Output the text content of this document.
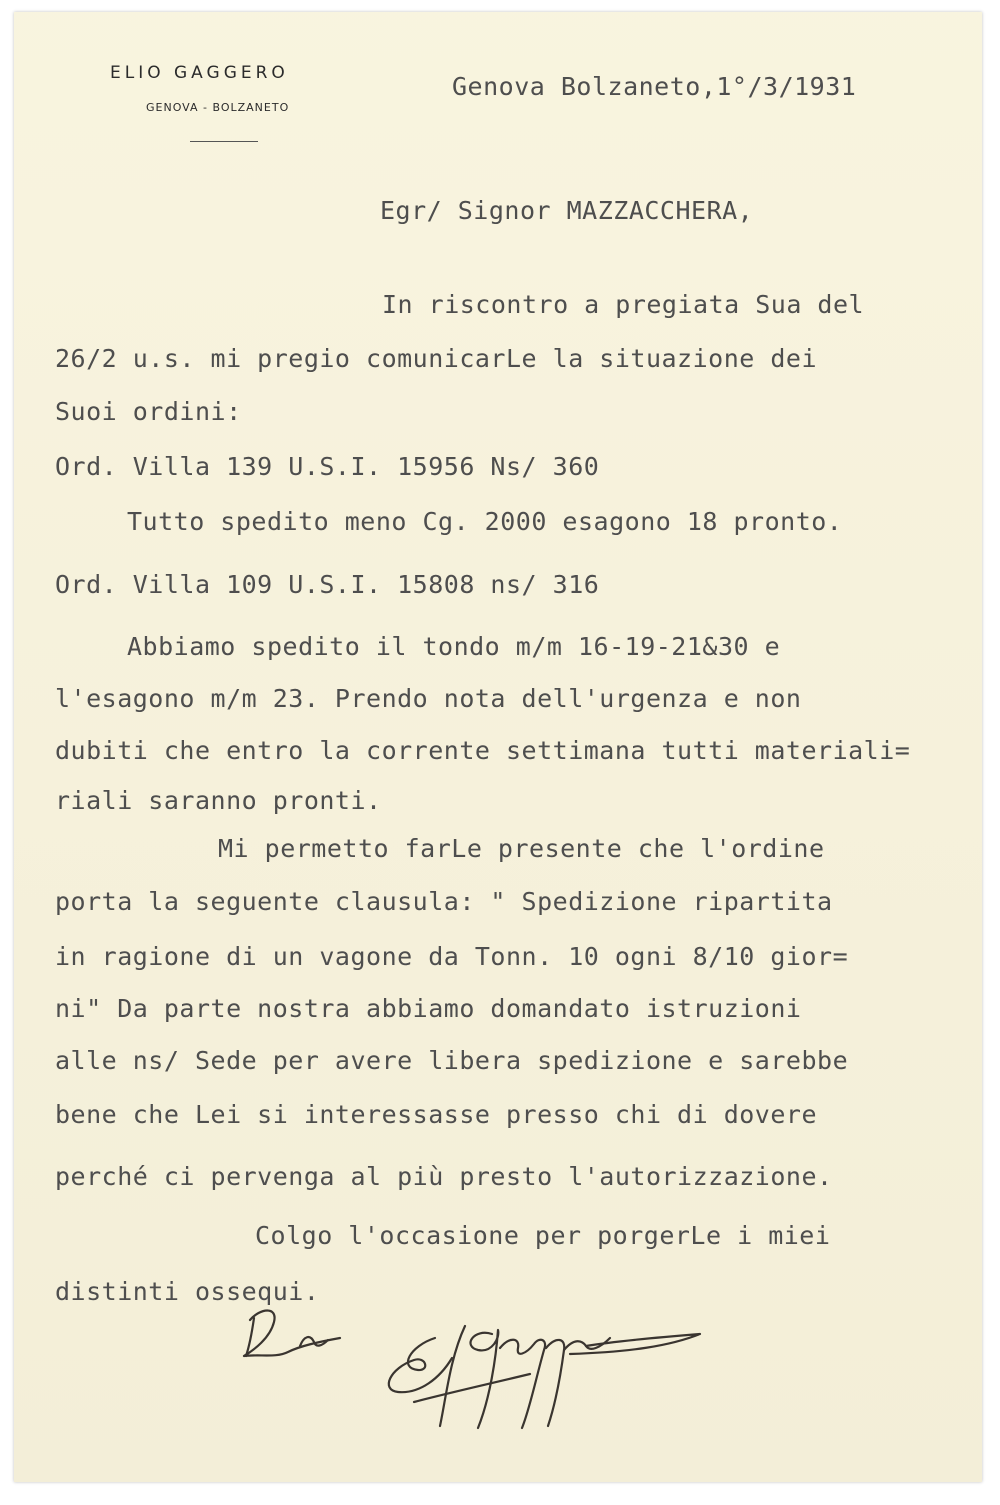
ELIO GAGGERO
GENOVA - BOLZANETO
Genova Bolzaneto,1°/3/1931
Egr/ Signor MAZZACCHERA,
In riscontro a pregiata Sua del
26/2 u.s. mi pregio comunicarLe la situazione dei
Suoi ordini:
Ord. Villa 139 U.S.I. 15956 Ns/ 360
Tutto spedito meno Cg. 2000 esagono 18 pronto.
Ord. Villa 109 U.S.I. 15808 ns/ 316
Abbiamo spedito il tondo m/m 16-19-21&30 e
l'esagono m/m 23. Prendo nota dell'urgenza e non
dubiti che entro la corrente settimana tutti materiali=
riali saranno pronti.
Mi permetto farLe presente che l'ordine
porta la seguente clausula: " Spedizione ripartita
in ragione di un vagone da Tonn. 10 ogni 8/10 gior=
ni" Da parte nostra abbiamo domandato istruzioni
alle ns/ Sede per avere libera spedizione e sarebbe
bene che Lei si interessasse presso chi di dovere
perché ci pervenga al più presto l'autorizzazione.
Colgo l'occasione per porgerLe i miei
distinti ossequi.
